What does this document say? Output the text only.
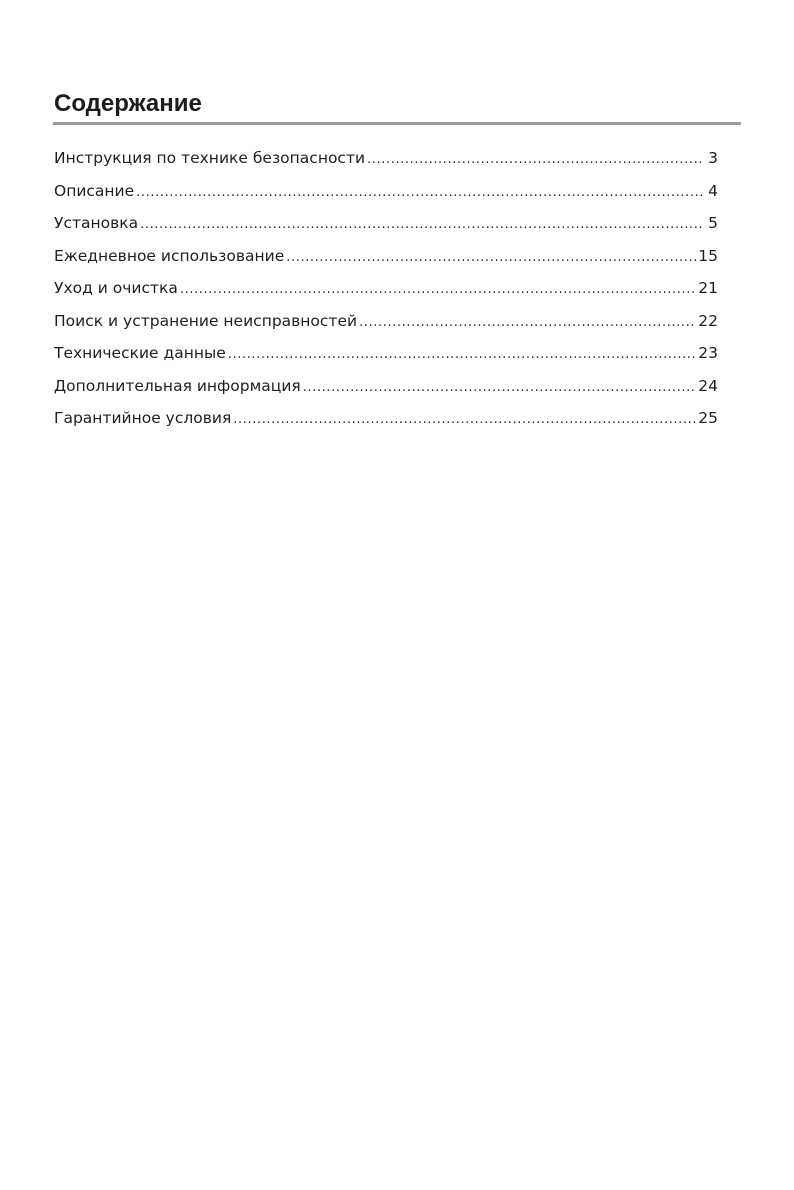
Содержание
Инструкция по технике безопасности .....	3
Описание .....	4
Установка .....	5
Ежедневное использование .....	15
Уход и очистка .....	21
Поиск и устранение неисправностей .....	22
Технические данные .....	23
Дополнительная информация .....	24
Гарантийное условия .....	25
